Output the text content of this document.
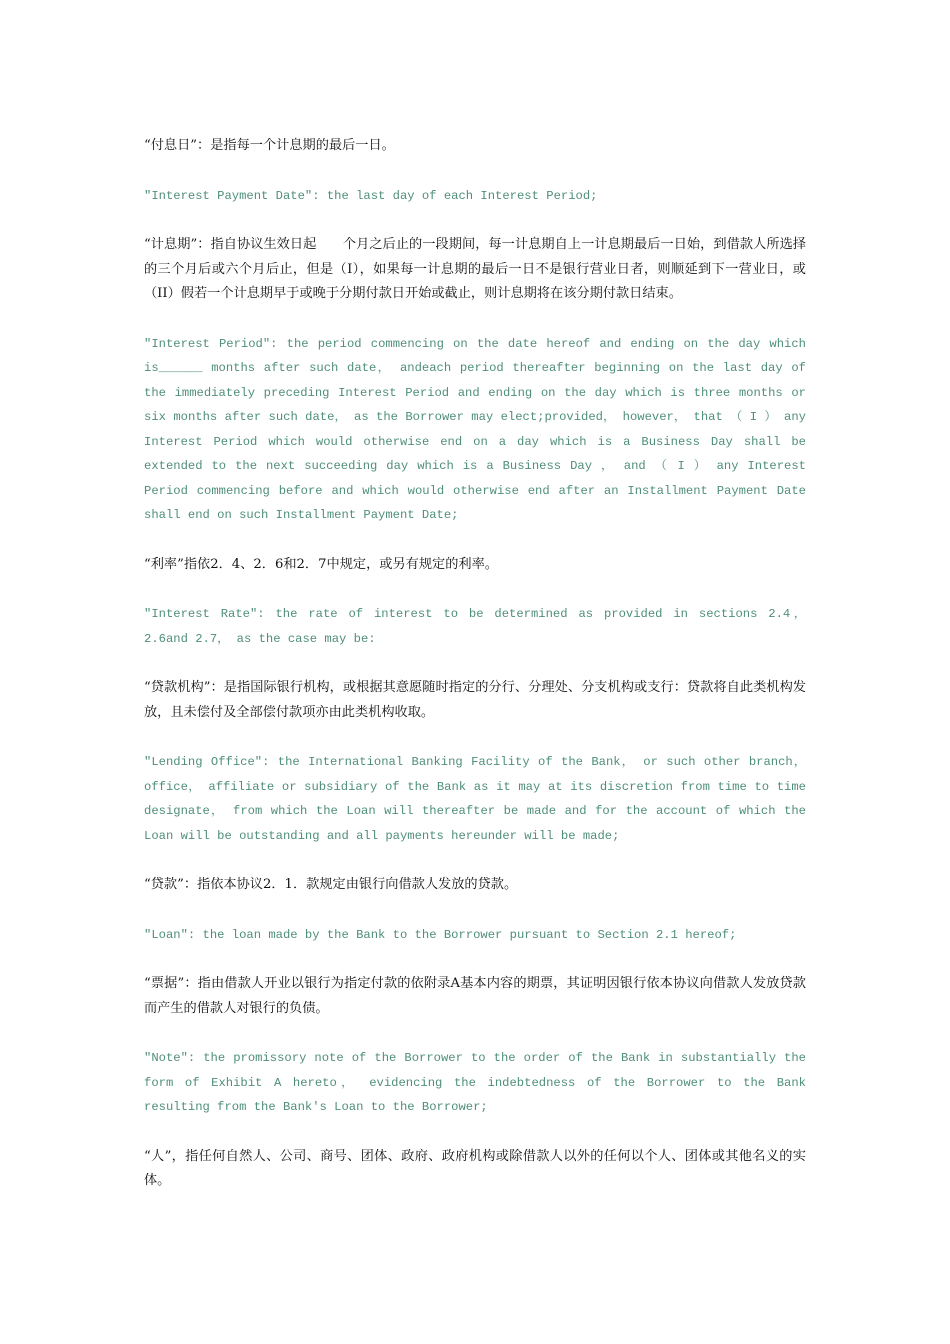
“付息日”：是指每一个计息期的最后一日。

"Interest Payment Date": the last day of each Interest Period;

“计息期”：指自协议生效日起　　个月之后止的一段期间，每一计息期自上一计息期最后一日始，到借款人所选择的三个月后或六个月后止，但是（I），如果每一计息期的最后一日不是银行营业日者，则顺延到下一营业日，或（II）假若一个计息期早于或晚于分期付款日开始或截止，则计息期将在该分期付款日结束。

"Interest Period": the period commencing on the date hereof and ending on the day which is______ months after such date， andeach period thereafter beginning on the last day of the immediately preceding Interest Period and ending on the day which is three months or six months after such date， as the Borrower may elect;provided， however， that （ I ） any Interest Period which would otherwise end on a day which is a Business Day shall be extended to the next succeeding day which is a Business Day ， and （ I ） any Interest Period commencing before and which would otherwise end after an Installment Payment Date shall end on such Installment Payment Date;

“利率”指依2．4、2．6和2．7中规定，或另有规定的利率。

"Interest Rate": the rate of interest to be determined as provided in sections 2.4， 2.6and 2.7， as the case may be:

“贷款机构”：是指国际银行机构，或根据其意愿随时指定的分行、分理处、分支机构或支行：贷款将自此类机构发放，且未偿付及全部偿付款项亦由此类机构收取。

"Lending Office": the International Banking Facility of the Bank， or such other branch， office， affiliate or subsidiary of the Bank as it may at its discretion from time to time designate， from which the Loan will thereafter be made and for the account of which the Loan will be outstanding and all payments hereunder will be made;

“贷款”：指依本协议2．1．款规定由银行向借款人发放的贷款。

"Loan": the loan made by the Bank to the Borrower pursuant to Section 2.1 hereof;

“票据”：指由借款人开业以银行为指定付款的依附录A基本内容的期票，其证明因银行依本协议向借款人发放贷款而产生的借款人对银行的负债。

"Note": the promissory note of the Borrower to the order of the Bank in substantially the form of Exhibit A hereto， evidencing the indebtedness of the Borrower to the Bank resulting from the Bank's Loan to the Borrower;

“人”，指任何自然人、公司、商号、团体、政府、政府机构或除借款人以外的任何以个人、团体或其他名义的实体。
